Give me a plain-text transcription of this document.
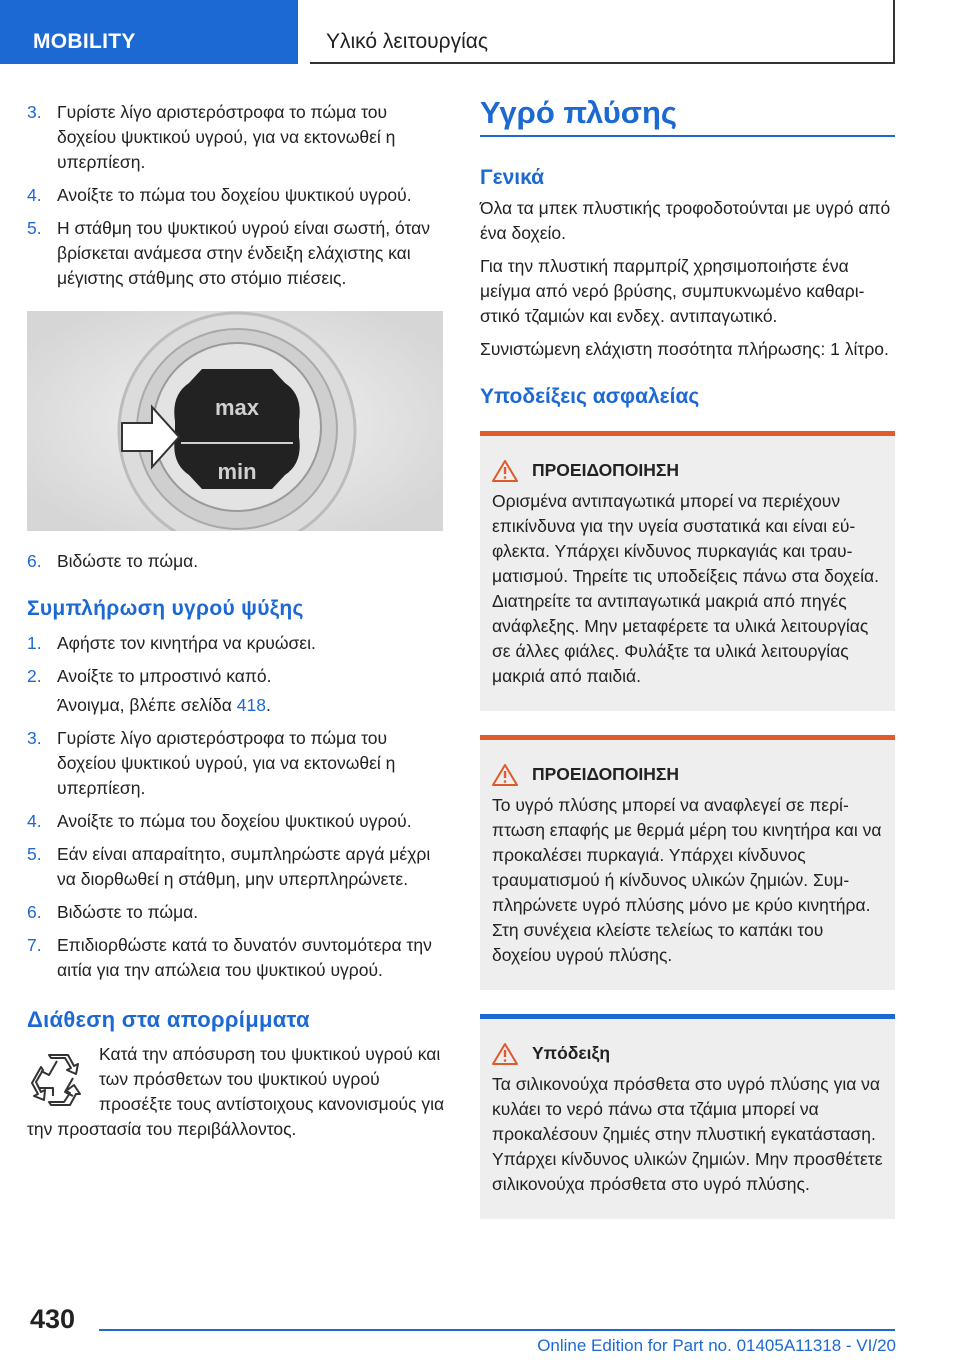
MOBILITY	Υλικό λειτουργίας
3. Γυρίστε λίγο αριστερόστροφα το πώμα του δοχείου ψυκτικού υγρού, για να εκτονωθεί η υπερπίεση.
4. Ανοίξτε το πώμα του δοχείου ψυκτικού υγρού.
5. Η στάθμη του ψυκτικού υγρού είναι σωστή, όταν βρίσκεται ανάμεσα στην ένδειξη ελάχιστης και μέγιστης στάθμης στο στόμιο πιέσεις.
max
min
6. Βιδώστε το πώμα.
Συμπλήρωση υγρού ψύξης
1. Αφήστε τον κινητήρα να κρυώσει.
2. Ανοίξτε το μπροστινό καπό.
Άνοιγμα, βλέπε σελίδα 418.
3. Γυρίστε λίγο αριστερόστροφα το πώμα του δοχείου ψυκτικού υγρού, για να εκτονωθεί η υπερπίεση.
4. Ανοίξτε το πώμα του δοχείου ψυκτικού υγρού.
5. Εάν είναι απαραίτητο, συμπληρώστε αργά μέχρι να διορθωθεί η στάθμη, μην υπερπληρώνετε.
6. Βιδώστε το πώμα.
7. Επιδιορθώστε κατά το δυνατόν συντομότερα την αιτία για την απώλεια του ψυκτικού υγρού.
Διάθεση στα απορρίμματα
Κατά την απόσυρση του ψυκτικού υγρού και των πρόσθετων του ψυκτικού υγρού προσέξτε τους αντίστοιχους κανονισμούς για την προστασία του περιβάλλοντος.
Υγρό πλύσης
Γενικά

Όλα τα μπεκ πλυστικής τροφοδοτούνται με υγρό από ένα δοχείο.

Για την πλυστική παρμπρίζ χρησιμοποιήστε ένα μείγμα από νερό βρύσης, συμπυκνωμένο καθαριστικό τζαμιών και ενδεχ. αντιπαγωτικό.

Συνιστώμενη ελάχιστη ποσότητα πλήρωσης: 1 λίτρο.

Υποδείξεις ασφαλείας
ΠΡΟΕΙΔΟΠΟΙΗΣΗ
Ορισμένα αντιπαγωτικά μπορεί να περιέχουν επικίνδυνα για την υγεία συστατικά και είναι εύφλεκτα. Υπάρχει κίνδυνος πυρκαγιάς και τραυματισμού. Τηρείτε τις υποδείξεις πάνω στα δοχεία. Διατηρείτε τα αντιπαγωτικά μακριά από πηγές ανάφλεξης. Μην μεταφέρετε τα υλικά λειτουργίας σε άλλες φιάλες. Φυλάξτε τα υλικά λειτουργίας μακριά από παιδιά.
ΠΡΟΕΙΔΟΠΟΙΗΣΗ
Το υγρό πλύσης μπορεί να αναφλεγεί σε περίπτωση επαφής με θερμά μέρη του κινητήρα και να προκαλέσει πυρκαγιά. Υπάρχει κίνδυνος τραυματισμού ή κίνδυνος υλικών ζημιών. Συμπληρώνετε υγρό πλύσης μόνο με κρύο κινητήρα. Στη συνέχεια κλείστε τελείως το καπάκι του δοχείου υγρού πλύσης.
Υπόδειξη
Τα σιλικονούχα πρόσθετα στο υγρό πλύσης για να κυλάει το νερό πάνω στα τζάμια μπορεί να προκαλέσουν ζημιές στην πλυστική εγκατάσταση. Υπάρχει κίνδυνος υλικών ζημιών. Μην προσθέτετε σιλικονούχα πρόσθετα στο υγρό πλύσης.
430
Online Edition for Part no. 01405A11318 - VI/20
